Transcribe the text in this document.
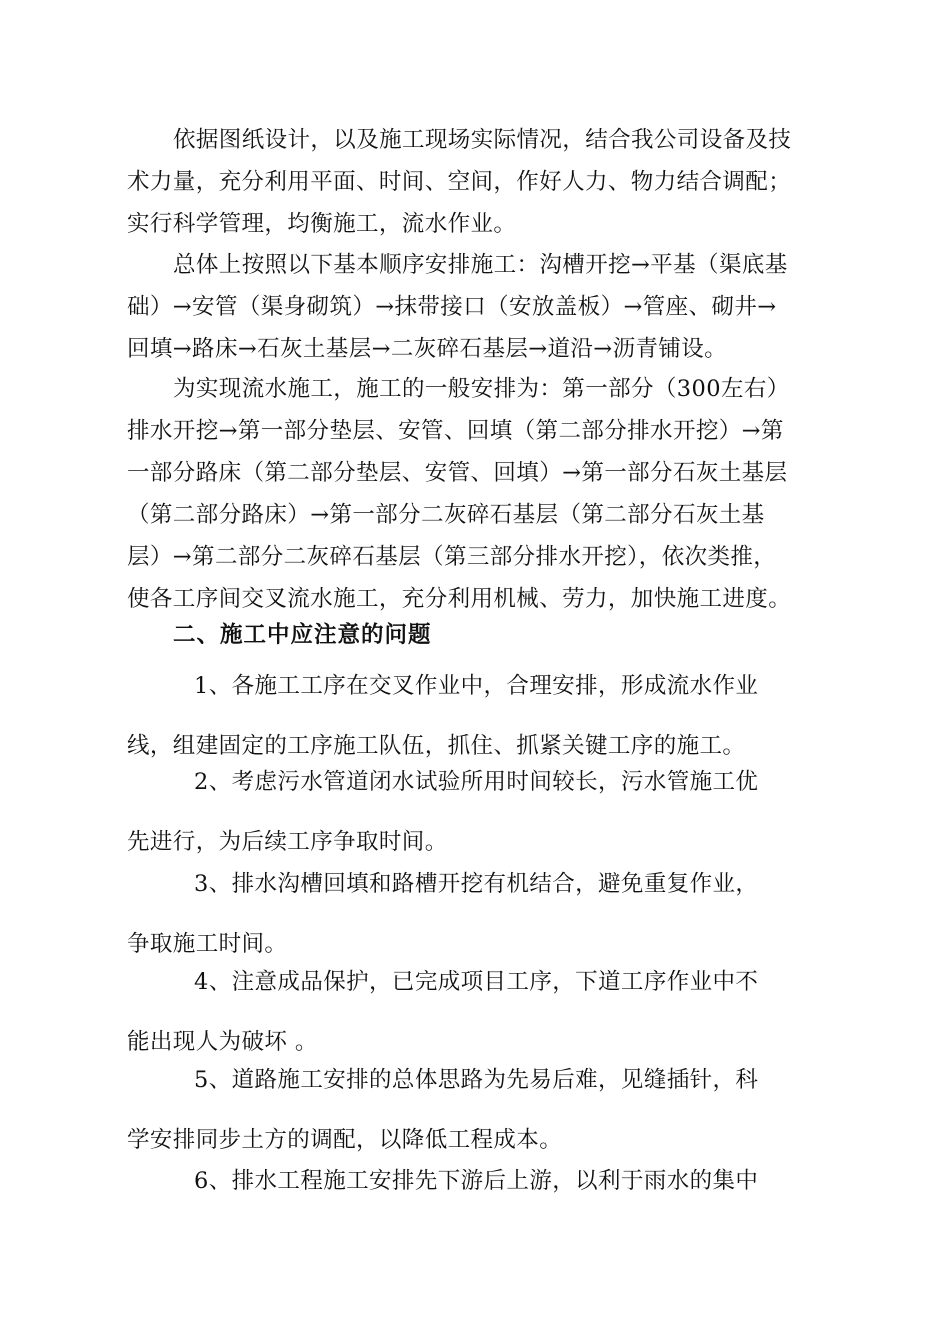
依据图纸设计，以及施工现场实际情况，结合我公司设备及技
术力量，充分利用平面、时间、空间，作好人力、物力结合调配；
实行科学管理，均衡施工，流水作业。
总体上按照以下基本顺序安排施工：沟槽开挖→平基（渠底基
础）→安管（渠身砌筑）→抹带接口（安放盖板）→管座、砌井→
回填→路床→石灰土基层→二灰碎石基层→道沿→沥青铺设。
为实现流水施工，施工的一般安排为：第一部分（300左右）
排水开挖→第一部分垫层、安管、回填（第二部分排水开挖）→第
一部分路床（第二部分垫层、安管、回填）→第一部分石灰土基层
（第二部分路床）→第一部分二灰碎石基层（第二部分石灰土基
层）→第二部分二灰碎石基层（第三部分排水开挖），依次类推，
使各工序间交叉流水施工，充分利用机械、劳力，加快施工进度。
二、施工中应注意的问题
1、各施工工序在交叉作业中，合理安排，形成流水作业
线，组建固定的工序施工队伍，抓住、抓紧关键工序的施工。
2、考虑污水管道闭水试验所用时间较长，污水管施工优
先进行，为后续工序争取时间。
3、排水沟槽回填和路槽开挖有机结合，避免重复作业，
争取施工时间。
4、注意成品保护，已完成项目工序，下道工序作业中不
能出现人为破坏 。
5、道路施工安排的总体思路为先易后难，见缝插针，科
学安排同步土方的调配，以降低工程成本。
6、排水工程施工安排先下游后上游，以利于雨水的集中
